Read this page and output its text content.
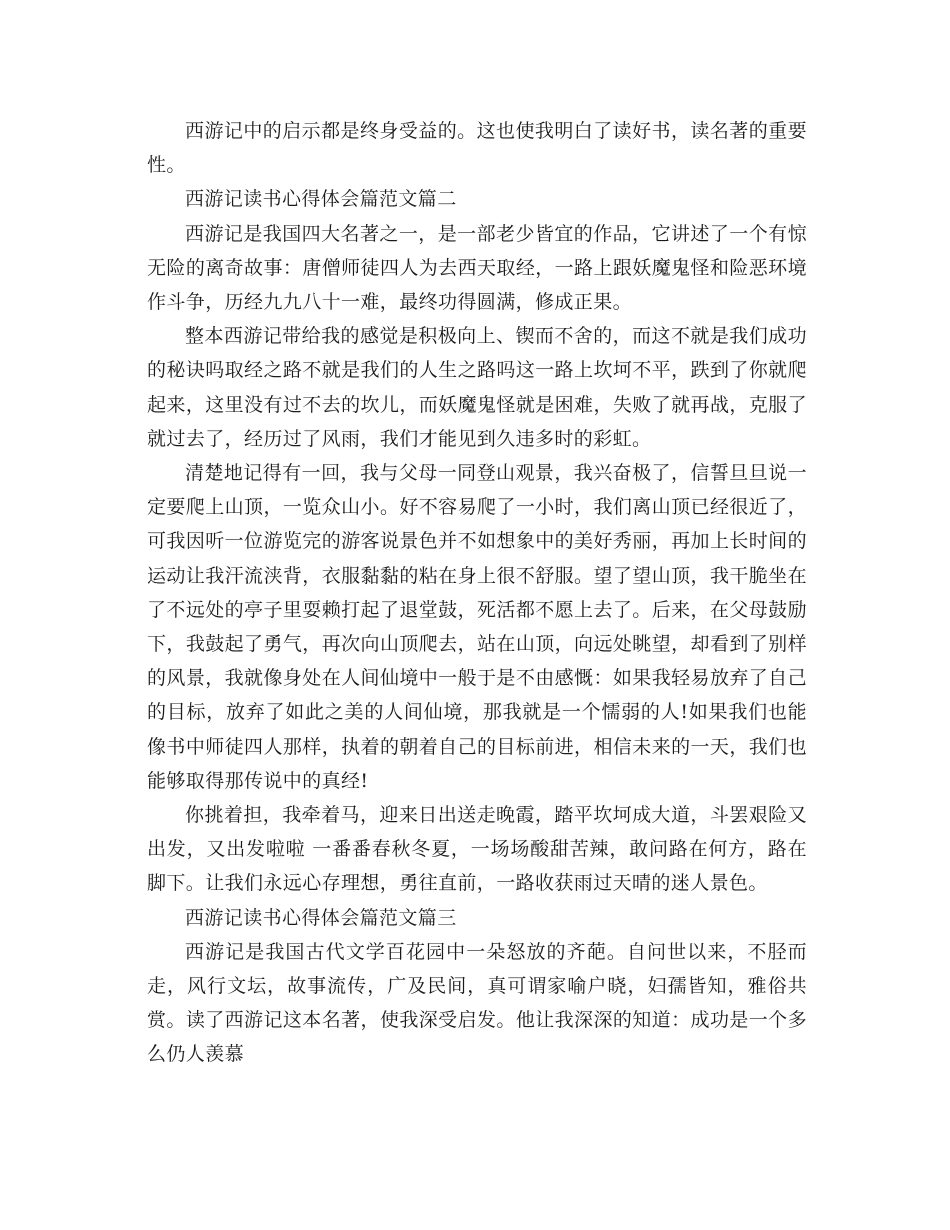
西游记中的启示都是终身受益的。这也使我明白了读好书，读名著的重要性。

西游记读书心得体会篇范文篇二

西游记是我国四大名著之一，是一部老少皆宜的作品，它讲述了一个有惊无险的离奇故事：唐僧师徒四人为去西天取经，一路上跟妖魔鬼怪和险恶环境作斗争，历经九九八十一难，最终功得圆满，修成正果。

整本西游记带给我的感觉是积极向上、锲而不舍的，而这不就是我们成功的秘诀吗取经之路不就是我们的人生之路吗这一路上坎坷不平，跌到了你就爬起来，这里没有过不去的坎儿，而妖魔鬼怪就是困难，失败了就再战，克服了就过去了，经历过了风雨，我们才能见到久违多时的彩虹。

清楚地记得有一回，我与父母一同登山观景，我兴奋极了，信誓旦旦说一定要爬上山顶，一览众山小。好不容易爬了一小时，我们离山顶已经很近了，可我因听一位游览完的游客说景色并不如想象中的美好秀丽，再加上长时间的运动让我汗流浃背，衣服黏黏的粘在身上很不舒服。望了望山顶，我干脆坐在了不远处的亭子里耍赖打起了退堂鼓，死活都不愿上去了。后来，在父母鼓励下，我鼓起了勇气，再次向山顶爬去，站在山顶，向远处眺望，却看到了别样的风景，我就像身处在人间仙境中一般于是不由感慨：如果我轻易放弃了自己的目标，放弃了如此之美的人间仙境，那我就是一个懦弱的人!如果我们也能像书中师徒四人那样，执着的朝着自己的目标前进，相信未来的一天，我们也能够取得那传说中的真经!

你挑着担，我牵着马，迎来日出送走晚霞，踏平坎坷成大道，斗罢艰险又出发，又出发啦啦 一番番春秋冬夏，一场场酸甜苦辣，敢问路在何方，路在脚下。让我们永远心存理想，勇往直前，一路收获雨过天晴的迷人景色。

西游记读书心得体会篇范文篇三

西游记是我国古代文学百花园中一朵怒放的齐葩。自问世以来，不胫而走，风行文坛，故事流传，广及民间，真可谓家喻户晓，妇孺皆知，雅俗共赏。读了西游记这本名著，使我深受启发。他让我深深的知道：成功是一个多么仍人羡慕
